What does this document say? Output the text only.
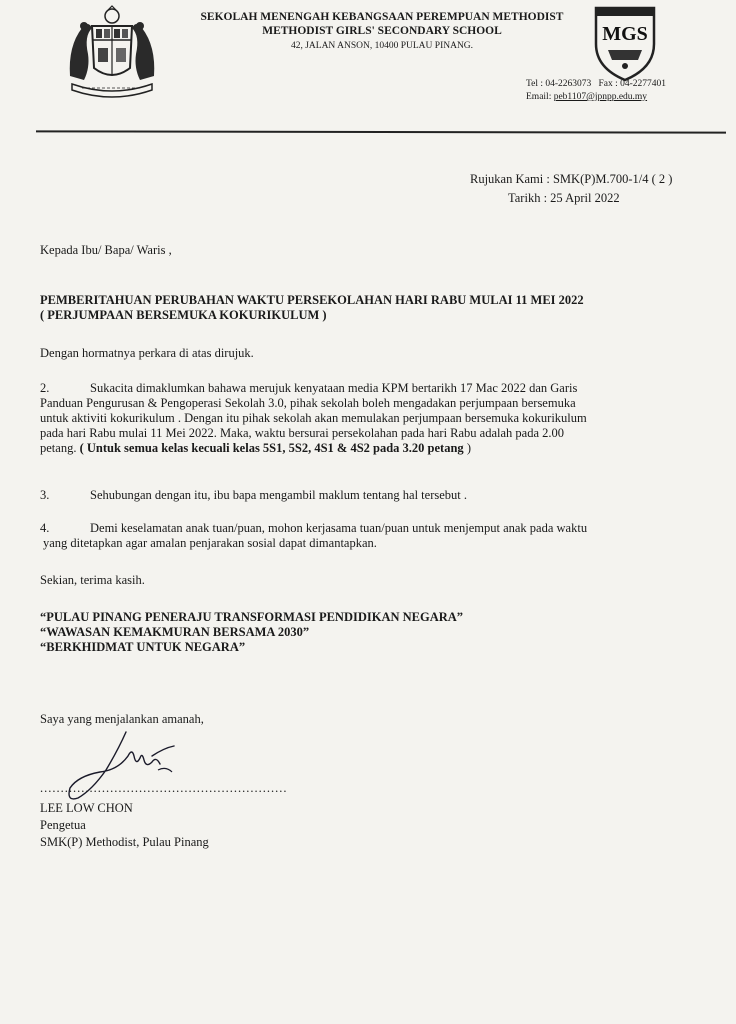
SEKOLAH MENENGAH KEBANGSAAN PEREMPUAN METHODIST
METHODIST GIRLS' SECONDARY SCHOOL
42, JALAN ANSON, 10400 PULAU PINANG.
MGS
Tel : 04-2263073 Fax : 04-2277401
Email: peb1107@jpnpp.edu.my
Rujukan Kami : SMK(P)M.700-1/4 ( 2 )
Tarikh : 25 April 2022
Kepada Ibu/ Bapa/ Waris ,
PEMBERITAHUAN PERUBAHAN WAKTU PERSEKOLAHAN HARI RABU MULAI 11 MEI 2022
( PERJUMPAAN BERSEMUKA KOKURIKULUM )
Dengan hormatnya perkara di atas dirujuk.
2.	Sukacita dimaklumkan bahawa merujuk kenyataan media KPM bertarikh 17 Mac 2022 dan Garis
Panduan Pengurusan & Pengoperasi Sekolah 3.0, pihak sekolah boleh mengadakan perjumpaan bersemuka
untuk aktiviti kokurikulum . Dengan itu pihak sekolah akan memulakan perjumpaan bersemuka kokurikulum
pada hari Rabu mulai 11 Mei 2022. Maka, waktu bersurai persekolahan pada hari Rabu adalah pada 2.00
petang. ( Untuk semua kelas kecuali kelas 5S1, 5S2, 4S1 & 4S2 pada 3.20 petang )
3.	Sehubungan dengan itu, ibu bapa mengambil maklum tentang hal tersebut .
4.	Demi keselamatan anak tuan/puan, mohon kerjasama tuan/puan untuk menjemput anak pada waktu
yang ditetapkan agar amalan penjarakan sosial dapat dimantapkan.
Sekian, terima kasih.
“PULAU PINANG PENERAJU TRANSFORMASI PENDIDIKAN NEGARA”
“WAWASAN KEMAKMURAN BERSAMA 2030”
“BERKHIDMAT UNTUK NEGARA”
Saya yang menjalankan amanah,
............................................................
LEE LOW CHON
Pengetua
SMK(P) Methodist, Pulau Pinang
